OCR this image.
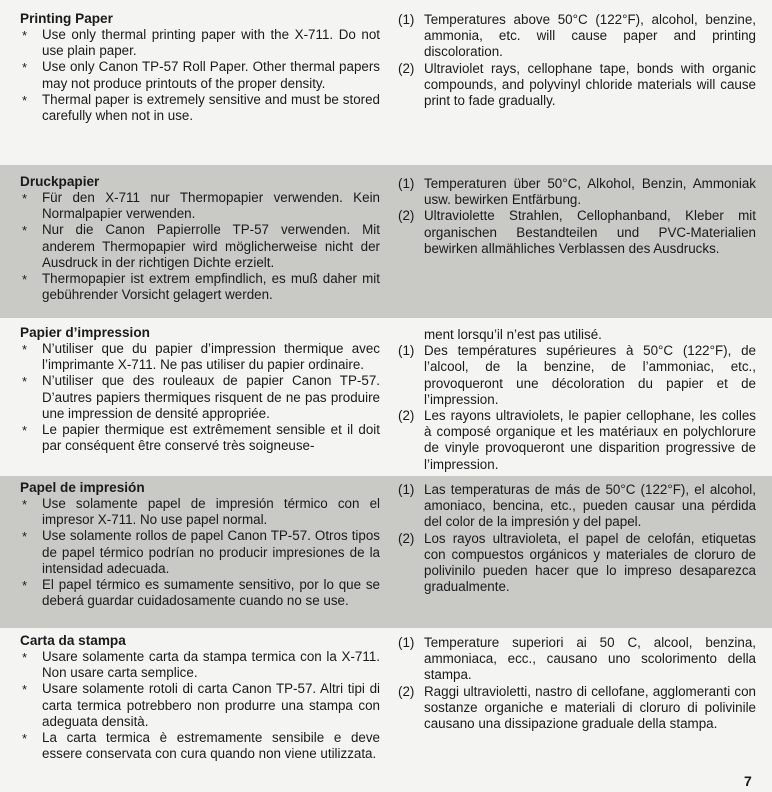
Printing Paper
* Use only thermal printing paper with the X-711. Do not use plain paper.
* Use only Canon TP-57 Roll Paper. Other thermal papers may not produce printouts of the proper density.
* Thermal paper is extremely sensitive and must be stored carefully when not in use.
(1) Temperatures above 50°C (122°F), alcohol, benzine, ammonia, etc. will cause paper and printing discoloration.
(2) Ultraviolet rays, cellophane tape, bonds with organic compounds, and polyvinyl chloride materials will cause print to fade gradually.
Druckpapier
* Für den X-711 nur Thermopapier verwenden. Kein Normalpapier verwenden.
* Nur die Canon Papierrolle TP-57 verwenden. Mit anderem Thermopapier wird möglicherweise nicht der Ausdruck in der richtigen Dichte erzielt.
* Thermopapier ist extrem empfindlich, es muß daher mit gebührender Vorsicht gelagert werden.
(1) Temperaturen über 50°C, Alkohol, Benzin, Ammoniak usw. bewirken Entfärbung.
(2) Ultraviolette Strahlen, Cellophanband, Kleber mit organischen Bestandteilen und PVC-Materialien bewirken allmähliches Verblassen des Ausdrucks.
Papier d’impression
* N’utiliser que du papier d’impression thermique avec l’imprimante X-711. Ne pas utiliser du papier ordinaire.
* N’utiliser que des rouleaux de papier Canon TP-57. D’autres papiers thermiques risquent de ne pas produire une impression de densité appropriée.
* Le papier thermique est extrêmement sensible et il doit par conséquent être conservé très soigneuse-

ment lorsqu’il n’est pas utilisé.

(1) Des températures supérieures à 50°C (122°F), de l’alcool, de la benzine, de l’ammoniac, etc., provoqueront une décoloration du papier et de l’impression.
(2) Les rayons ultraviolets, le papier cellophane, les colles à composé organique et les matériaux en polychlorure de vinyle provoqueront une disparition progressive de l’impression.
Papel de impresión
* Use solamente papel de impresión térmico con el impresor X-711. No use papel normal.
* Use solamente rollos de papel Canon TP-57. Otros tipos de papel térmico podrían no producir impresiones de la intensidad adecuada.
* El papel térmico es sumamente sensitivo, por lo que se deberá guardar cuidadosamente cuando no se use.
(1) Las temperaturas de más de 50°C (122°F), el alcohol, amoniaco, bencina, etc., pueden causar una pérdida del color de la impresión y del papel.
(2) Los rayos ultravioleta, el papel de celofán, etiquetas con compuestos orgánicos y materiales de cloruro de polivinilo pueden hacer que lo impreso desaparezca gradualmente.
Carta da stampa
* Usare solamente carta da stampa termica con la X-711. Non usare carta semplice.
* Usare solamente rotoli di carta Canon TP-57. Altri tipi di carta termica potrebbero non produrre una stampa con adeguata densità.
* La carta termica è estremamente sensibile e deve essere conservata con cura quando non viene utilizzata.
(1) Temperature superiori ai 50 C, alcool, benzina, ammoniaca, ecc., causano uno scolorimento della stampa.
(2) Raggi ultravioletti, nastro di cellofane, agglomeranti con sostanze organiche e materiali di cloruro di polivinile causano una dissipazione graduale della stampa.
7
